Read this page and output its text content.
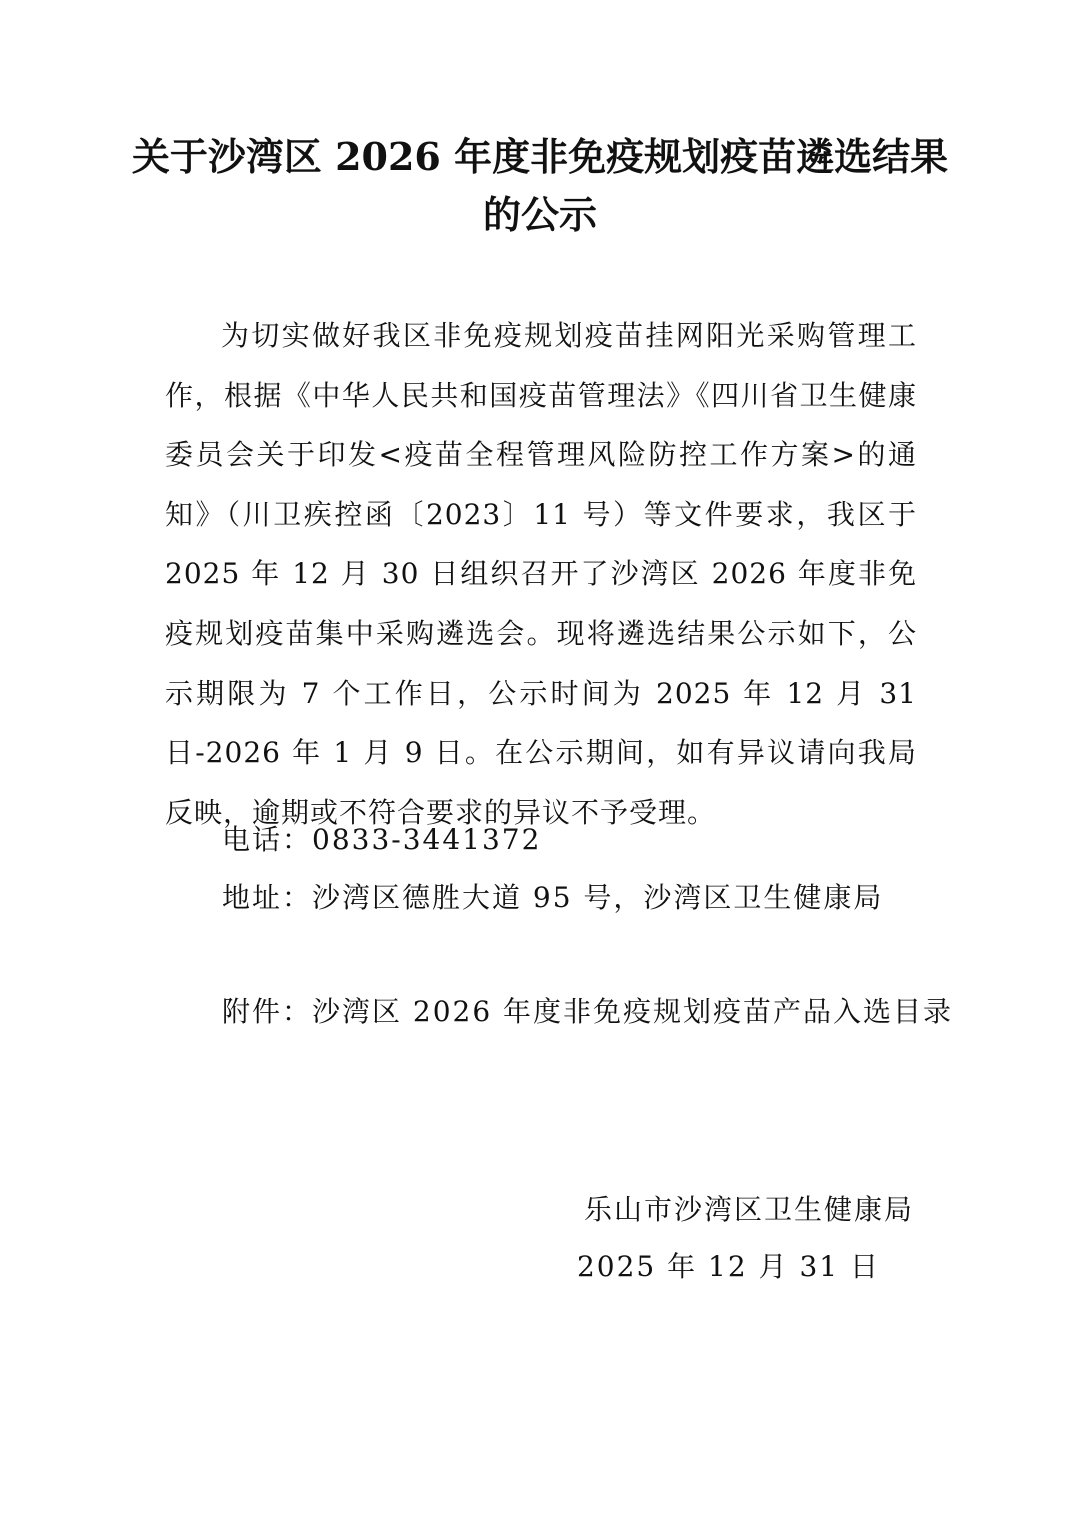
关于沙湾区 2026 年度非免疫规划疫苗遴选结果
的公示

为切实做好我区非免疫规划疫苗挂网阳光采购管理工作，根据《中华人民共和国疫苗管理法》《四川省卫生健康委员会关于印发<疫苗全程管理风险防控工作方案>的通知》（川卫疾控函〔2023〕11 号）等文件要求，我区于 2025 年 12 月 30 日组织召开了沙湾区 2026 年度非免疫规划疫苗集中采购遴选会。现将遴选结果公示如下，公示期限为 7 个工作日，公示时间为 2025 年 12 月 31 日-2026 年 1 月 9 日。在公示期间，如有异议请向我局反映，逾期或不符合要求的异议不予受理。

电话：0833-3441372

地址：沙湾区德胜大道 95 号，沙湾区卫生健康局

附件：沙湾区 2026 年度非免疫规划疫苗产品入选目录

乐山市沙湾区卫生健康局

2025 年 12 月 31 日
